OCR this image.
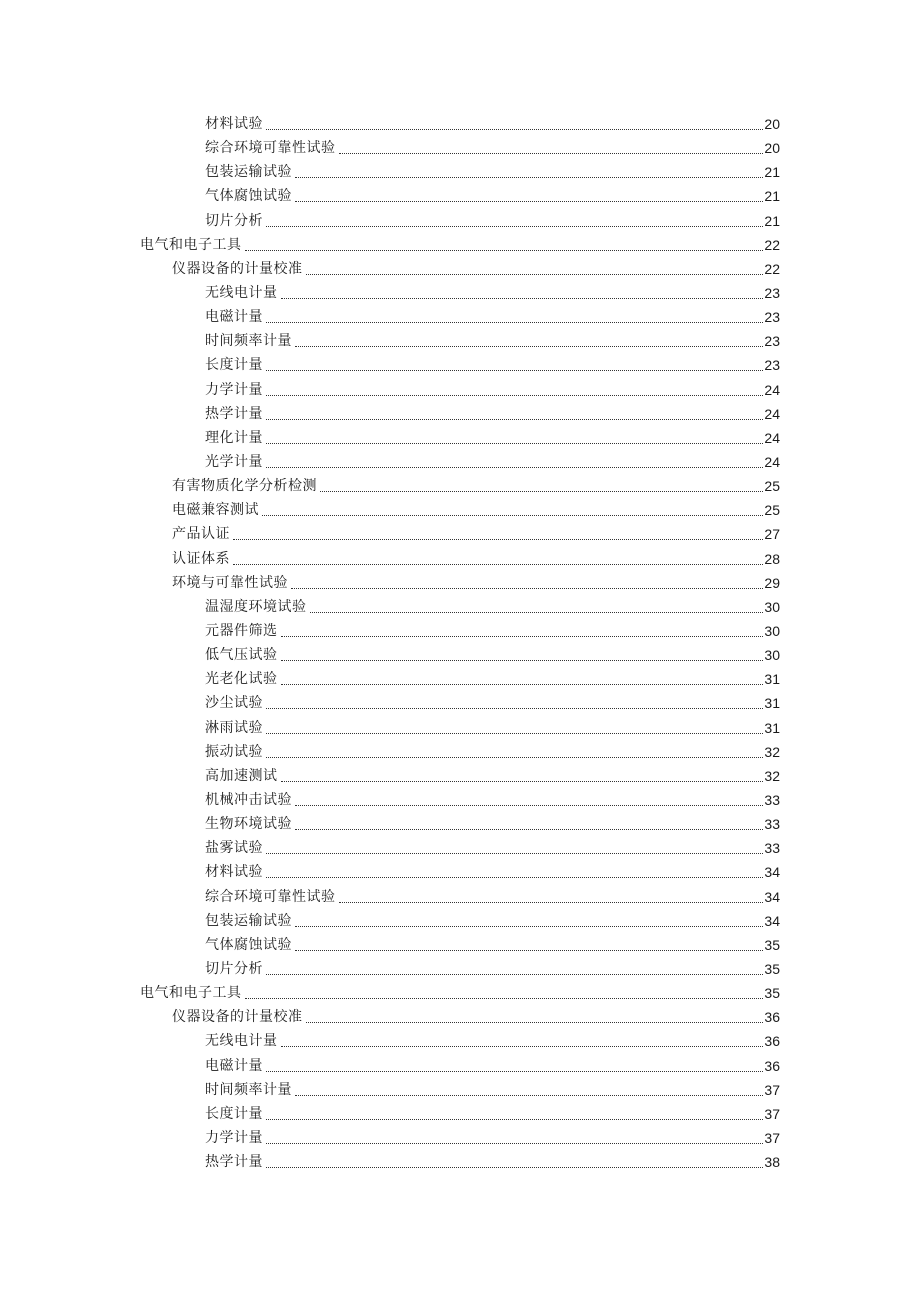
材料试验	20
综合环境可靠性试验	20
包装运输试验	21
气体腐蚀试验	21
切片分析	21
电气和电子工具	22
仪器设备的计量校准	22
无线电计量	23
电磁计量	23
时间频率计量	23
长度计量	23
力学计量	24
热学计量	24
理化计量	24
光学计量	24
有害物质化学分析检测	25
电磁兼容测试	25
产品认证	27
认证体系	28
环境与可靠性试验	29
温湿度环境试验	30
元器件筛选	30
低气压试验	30
光老化试验	31
沙尘试验	31
淋雨试验	31
振动试验	32
高加速测试	32
机械冲击试验	33
生物环境试验	33
盐雾试验	33
材料试验	34
综合环境可靠性试验	34
包装运输试验	34
气体腐蚀试验	35
切片分析	35
电气和电子工具	35
仪器设备的计量校准	36
无线电计量	36
电磁计量	36
时间频率计量	37
长度计量	37
力学计量	37
热学计量	38
